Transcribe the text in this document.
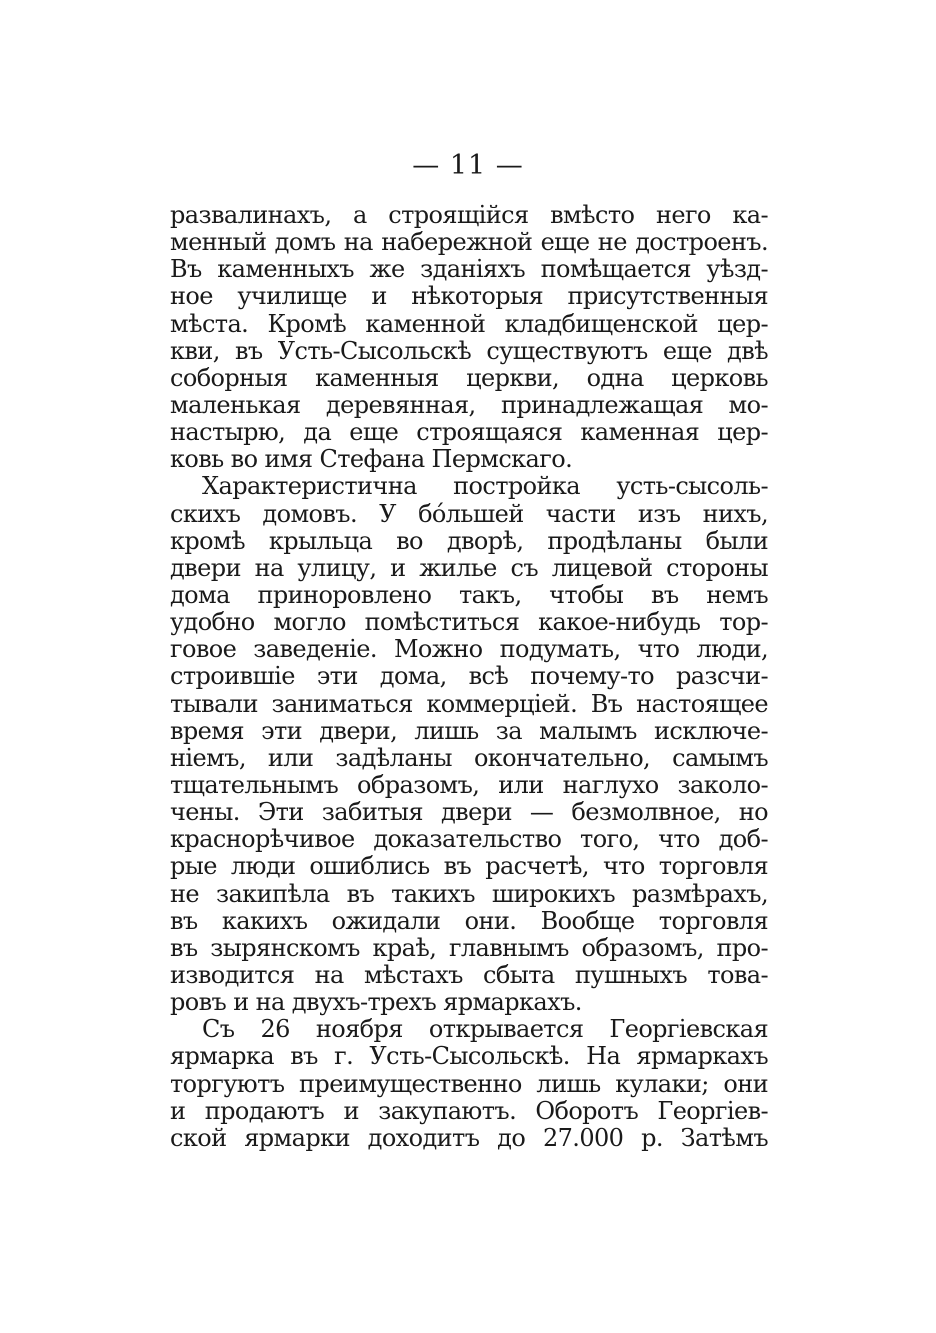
— 11 —
развалинахъ, а строящійся вмѣсто него ка-
менный домъ на набережной еще не достроенъ.
Въ каменныхъ же зданіяхъ помѣщается уѣзд-
ное училище и нѣкоторыя присутственныя
мѣста. Кромѣ каменной кладбищенской цер-
кви, въ Усть-Сысольскѣ существуютъ еще двѣ
соборныя каменныя церкви, одна церковь
маленькая деревянная, принадлежащая мо-
настырю, да еще строящаяся каменная цер-
ковь во имя Стефана Пермскаго.
Характеристична постройка усть-сысоль-
скихъ домовъ. У бóльшей части изъ нихъ,
кромѣ крыльца во дворѣ, продѣланы были
двери на улицу, и жилье съ лицевой стороны
дома приноровлено такъ, чтобы въ немъ
удобно могло помѣститься какое-нибудь тор-
говое заведеніе. Можно подумать, что люди,
строившіе эти дома, всѣ почему-то разсчи-
тывали заниматься коммерціей. Въ настоящее
время эти двери, лишь за малымъ исключе-
ніемъ, или задѣланы окончательно, самымъ
тщательнымъ образомъ, или наглухо заколо-
чены. Эти забитыя двери — безмолвное, но
краснорѣчивое доказательство того, что доб-
рые люди ошиблись въ расчетѣ, что торговля
не закипѣла въ такихъ широкихъ размѣрахъ,
въ какихъ ожидали они. Вообще торговля
въ зырянскомъ краѣ, главнымъ образомъ, про-
изводится на мѣстахъ сбыта пушныхъ това-
ровъ и на двухъ-трехъ ярмаркахъ.
Съ 26 ноября открывается Георгіевская
ярмарка въ г. Усть-Сысольскѣ. На ярмаркахъ
торгуютъ преимущественно лишь кулаки; они
и продаютъ и закупаютъ. Оборотъ Георгіев-
ской ярмарки доходитъ до 27.000 р. Затѣмъ
